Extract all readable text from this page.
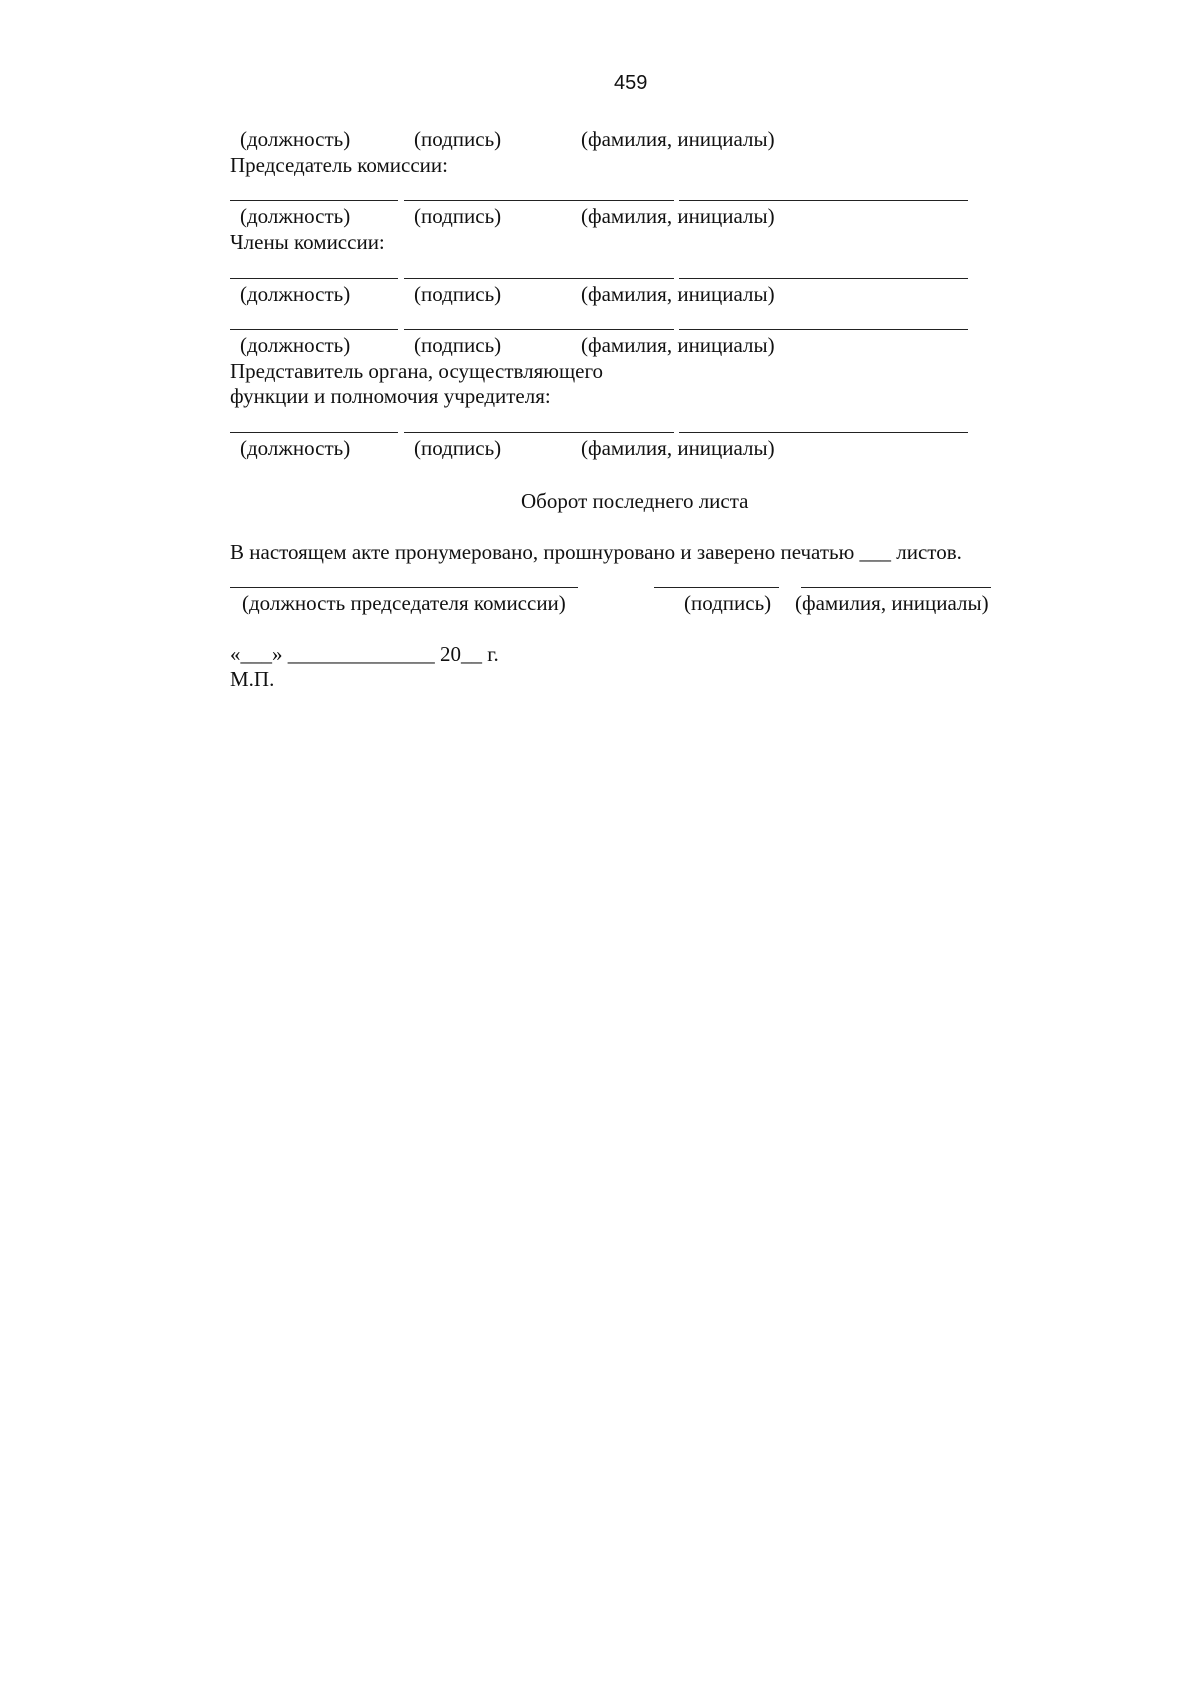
459
(должность)	(подпись)	(фамилия, инициалы)
Председатель комиссии:
(должность)	(подпись)	(фамилия, инициалы)
Члены комиссии:
(должность)	(подпись)	(фамилия, инициалы)
(должность)	(подпись)	(фамилия, инициалы)
Представитель органа, осуществляющего
функции и полномочия учредителя:
(должность)	(подпись)	(фамилия, инициалы)
Оборот последнего листа
В настоящем акте пронумеровано, прошнуровано и заверено печатью ___ листов.
(должность председателя комиссии)	(подпись) (фамилия, инициалы)
«___» ______________ 20__ г.
М.П.
